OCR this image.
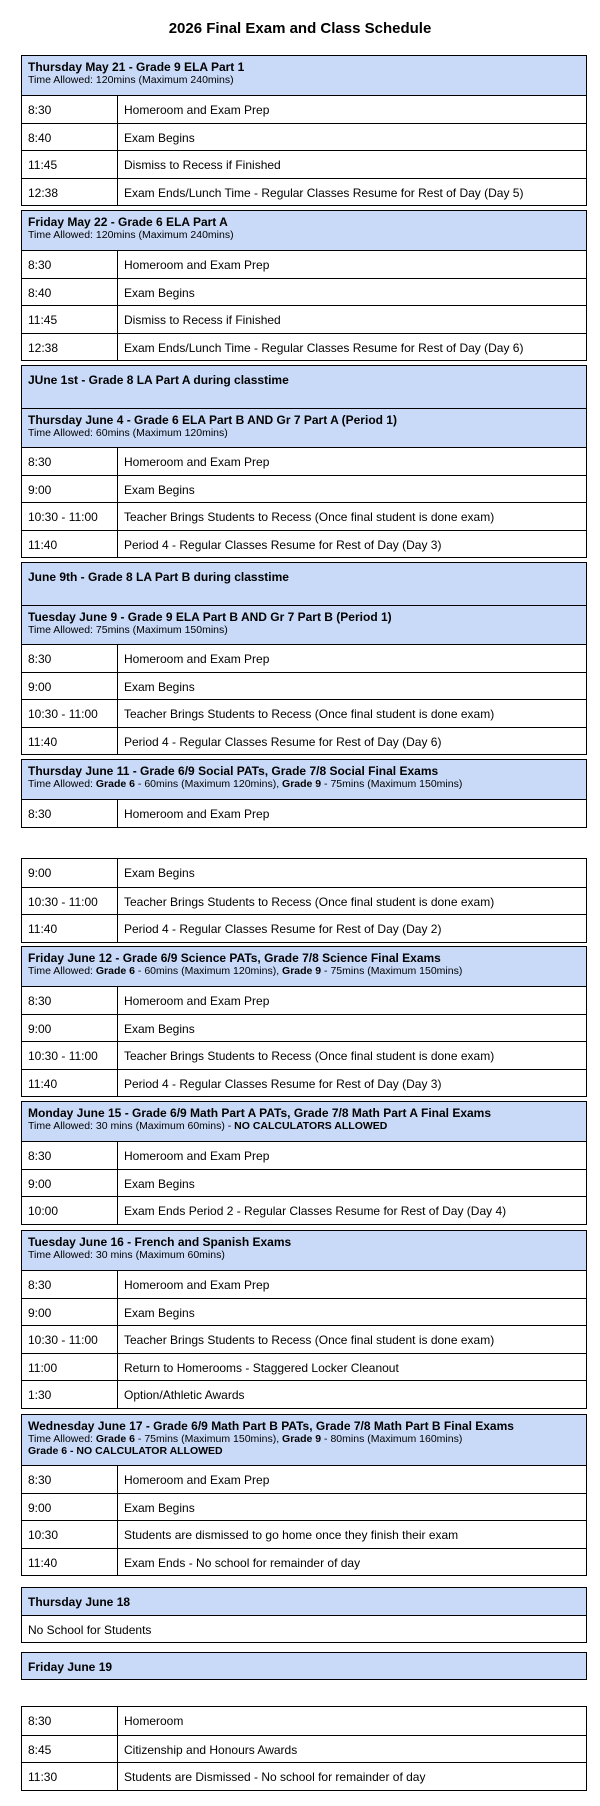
2026 Final Exam and Class Schedule
Thursday May 21 - Grade 9 ELA Part 1
Time Allowed: 120mins (Maximum 240mins)
8:30	Homeroom and Exam Prep
8:40	Exam Begins
11:45	Dismiss to Recess if Finished
12:38	Exam Ends/Lunch Time - Regular Classes Resume for Rest of Day (Day 5)
Friday May 22 - Grade 6 ELA Part A
Time Allowed: 120mins (Maximum 240mins)
8:30	Homeroom and Exam Prep
8:40	Exam Begins
11:45	Dismiss to Recess if Finished
12:38	Exam Ends/Lunch Time - Regular Classes Resume for Rest of Day (Day 6)
JUne 1st - Grade 8 LA Part A during classtime
Thursday June 4 - Grade 6 ELA Part B AND Gr 7 Part A (Period 1)
Time Allowed: 60mins (Maximum 120mins)
8:30	Homeroom and Exam Prep
9:00	Exam Begins
10:30 - 11:00	Teacher Brings Students to Recess (Once final student is done exam)
11:40	Period 4 - Regular Classes Resume for Rest of Day (Day 3)
June 9th - Grade 8 LA Part B during classtime
Tuesday June 9 - Grade 9 ELA Part B AND Gr 7 Part B (Period 1)
Time Allowed: 75mins (Maximum 150mins)
8:30	Homeroom and Exam Prep
9:00	Exam Begins
10:30 - 11:00	Teacher Brings Students to Recess (Once final student is done exam)
11:40	Period 4 - Regular Classes Resume for Rest of Day (Day 6)
Thursday June 11 - Grade 6/9 Social PATs, Grade 7/8 Social Final Exams
Time Allowed: Grade 6 - 60mins (Maximum 120mins), Grade 9 - 75mins (Maximum 150mins)
8:30	Homeroom and Exam Prep
9:00	Exam Begins
10:30 - 11:00	Teacher Brings Students to Recess (Once final student is done exam)
11:40	Period 4 - Regular Classes Resume for Rest of Day (Day 2)
Friday June 12 - Grade 6/9 Science PATs, Grade 7/8 Science Final Exams
Time Allowed: Grade 6 - 60mins (Maximum 120mins), Grade 9 - 75mins (Maximum 150mins)
8:30	Homeroom and Exam Prep
9:00	Exam Begins
10:30 - 11:00	Teacher Brings Students to Recess (Once final student is done exam)
11:40	Period 4 - Regular Classes Resume for Rest of Day (Day 3)
Monday June 15 - Grade 6/9 Math Part A PATs, Grade 7/8 Math Part A Final Exams
Time Allowed: 30 mins (Maximum 60mins) - NO CALCULATORS ALLOWED
8:30	Homeroom and Exam Prep
9:00	Exam Begins
10:00	Exam Ends Period 2 - Regular Classes Resume for Rest of Day (Day 4)
Tuesday June 16 - French and Spanish Exams
Time Allowed: 30 mins (Maximum 60mins)
8:30	Homeroom and Exam Prep
9:00	Exam Begins
10:30 - 11:00	Teacher Brings Students to Recess (Once final student is done exam)
11:00	Return to Homerooms - Staggered Locker Cleanout
1:30	Option/Athletic Awards
Wednesday June 17 - Grade 6/9 Math Part B PATs, Grade 7/8 Math Part B Final Exams
Time Allowed: Grade 6 - 75mins (Maximum 150mins), Grade 9 - 80mins (Maximum 160mins)
Grade 6 - NO CALCULATOR ALLOWED
8:30	Homeroom and Exam Prep
9:00	Exam Begins
10:30	Students are dismissed to go home once they finish their exam
11:40	Exam Ends - No school for remainder of day
Thursday June 18
No School for Students
Friday June 19
8:30	Homeroom
8:45	Citizenship and Honours Awards
11:30	Students are Dismissed - No school for remainder of day
